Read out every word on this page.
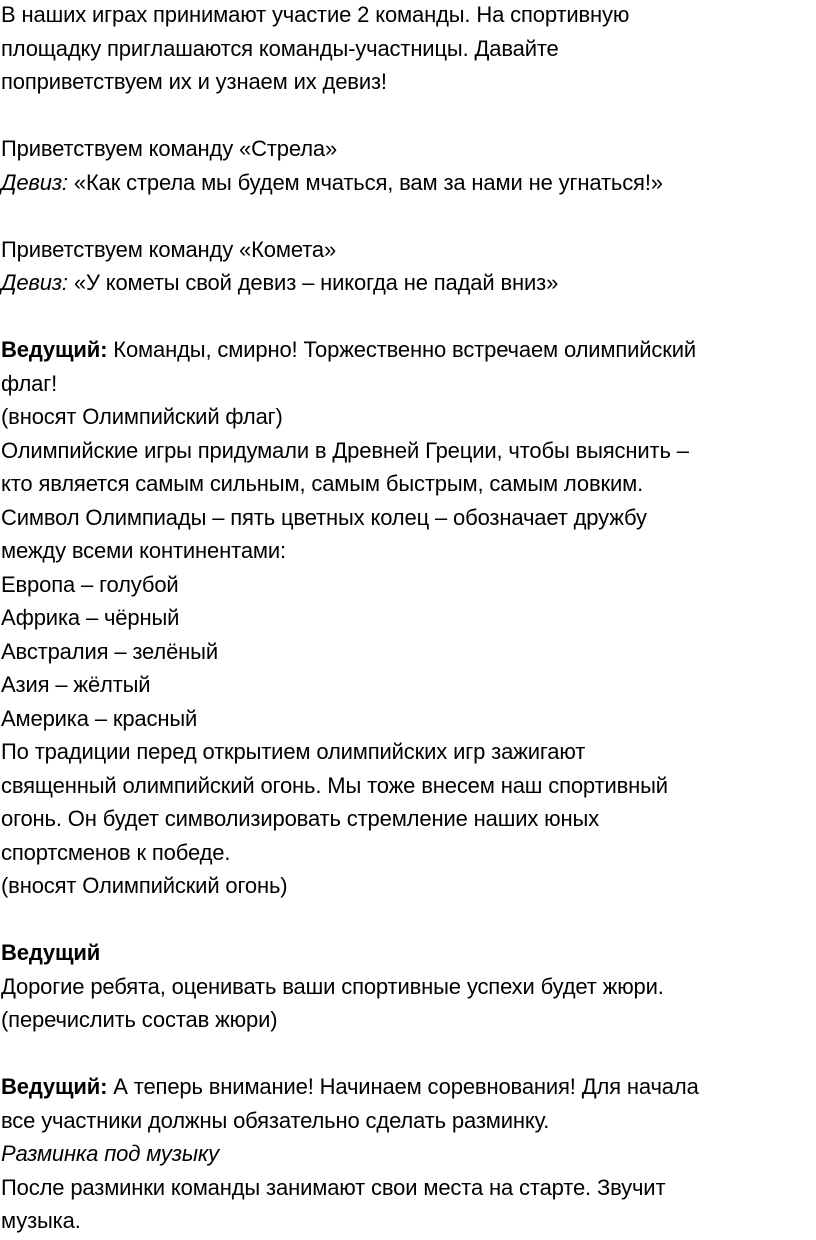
В наших играх принимают участие 2 команды. На спортивную
площадку приглашаются команды-участницы. Давайте
поприветствуем их и узнаем их девиз!
Приветствуем команду «Стрела»
Девиз: «Как стрела мы будем мчаться, вам за нами не угнаться!»
Приветствуем команду «Комета»
Девиз: «У кометы свой девиз – никогда не падай вниз»
Ведущий: Команды, смирно! Торжественно встречаем олимпийский
флаг!
(вносят Олимпийский флаг)
Олимпийские игры придумали в Древней Греции, чтобы выяснить –
кто является самым сильным, самым быстрым, самым ловким.
Символ Олимпиады – пять цветных колец – обозначает дружбу
между всеми континентами:
Европа – голубой
Африка – чёрный
Австралия – зелёный
Азия – жёлтый
Америка – красный
По традиции перед открытием олимпийских игр зажигают
священный олимпийский огонь. Мы тоже внесем наш спортивный
огонь. Он будет символизировать стремление наших юных
спортсменов к победе.
(вносят Олимпийский огонь)
Ведущий
Дорогие ребята, оценивать ваши спортивные успехи будет жюри.
(перечислить состав жюри)
Ведущий: А теперь внимание! Начинаем соревнования! Для начала
все участники должны обязательно сделать разминку.
Разминка под музыку
После разминки команды занимают свои места на старте. Звучит
музыка.
